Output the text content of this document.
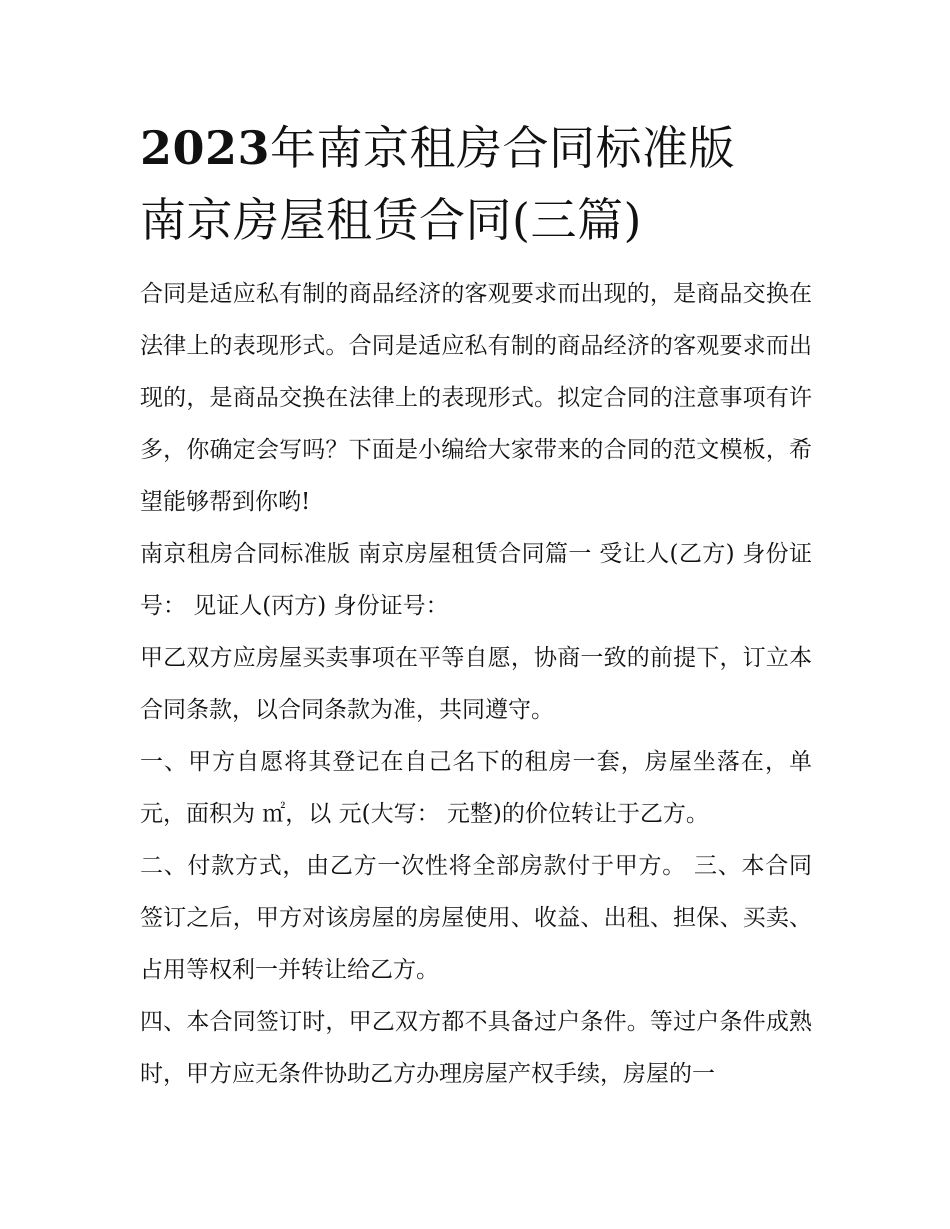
2023年南京租房合同标准版
南京房屋租赁合同(三篇)

合同是适应私有制的商品经济的客观要求而出现的，是商品交换在法律上的表现形式。合同是适应私有制的商品经济的客观要求而出现的，是商品交换在法律上的表现形式。拟定合同的注意事项有许多，你确定会写吗？下面是小编给大家带来的合同的范文模板，希望能够帮到你哟!

南京租房合同标准版 南京房屋租赁合同篇一 受让人(乙方) 身份证号： 见证人(丙方) 身份证号：

甲乙双方应房屋买卖事项在平等自愿，协商一致的前提下，订立本合同条款，以合同条款为准，共同遵守。

一、甲方自愿将其登记在自己名下的租房一套，房屋坐落在，单元，面积为 ㎡，以 元(大写： 元整)的价位转让于乙方。

二、付款方式，由乙方一次性将全部房款付于甲方。 三、本合同签订之后，甲方对该房屋的房屋使用、收益、出租、担保、买卖、占用等权利一并转让给乙方。

四、本合同签订时，甲乙双方都不具备过户条件。等过户条件成熟时，甲方应无条件协助乙方办理房屋产权手续，房屋的一
